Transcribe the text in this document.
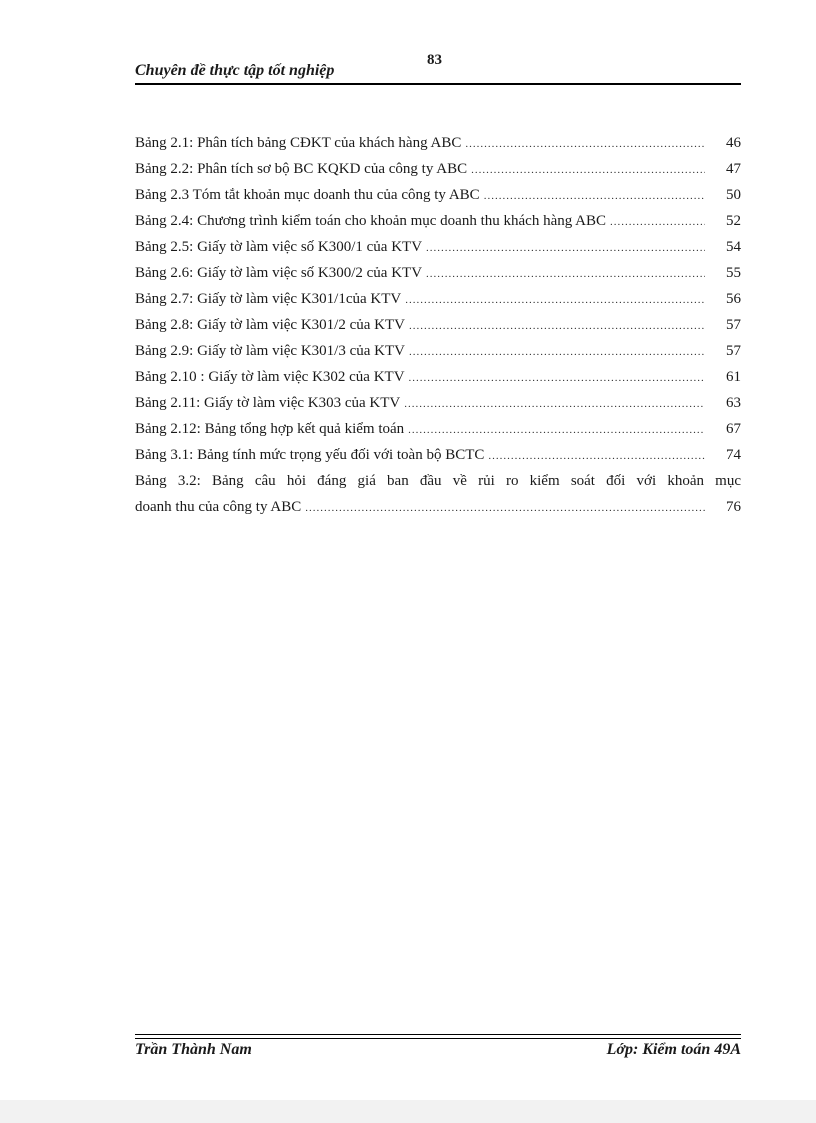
Chuyên đề thực tập tốt nghiệp
83
Bảng 2.1: Phân tích bảng CĐKT của khách hàng ABC .....	46
Bảng 2.2: Phân tích sơ bộ BC KQKD của công ty ABC .....	47
Bảng 2.3 Tóm tắt khoản mục doanh thu của công ty ABC .....	50
Bảng 2.4: Chương trình kiểm toán cho khoản mục doanh thu khách hàng ABC .....	52
Bảng 2.5: Giấy tờ làm việc số K300/1 của KTV .....	54
Bảng 2.6: Giấy tờ làm việc số K300/2 của KTV .....	55
Bảng 2.7: Giấy tờ làm việc K301/1của KTV .....	56
Bảng 2.8: Giấy tờ làm việc K301/2 của KTV .....	57
Bảng 2.9: Giấy tờ làm việc K301/3 của KTV .....	57
Bảng 2.10 : Giấy tờ làm việc K302 của KTV .....	61
Bảng 2.11: Giấy tờ làm việc K303 của KTV .....	63
Bảng 2.12: Bảng tổng hợp kết quả kiểm toán .....	67
Bảng 3.1: Bảng tính mức trọng yếu đối với toàn bộ BCTC .....	74
Bảng 3.2: Bảng câu hỏi đáng giá ban đầu về rủi ro kiểm soát đối với khoản mục
doanh thu của công ty ABC .....	76
Trần Thành Nam	Lớp: Kiểm toán 49A
